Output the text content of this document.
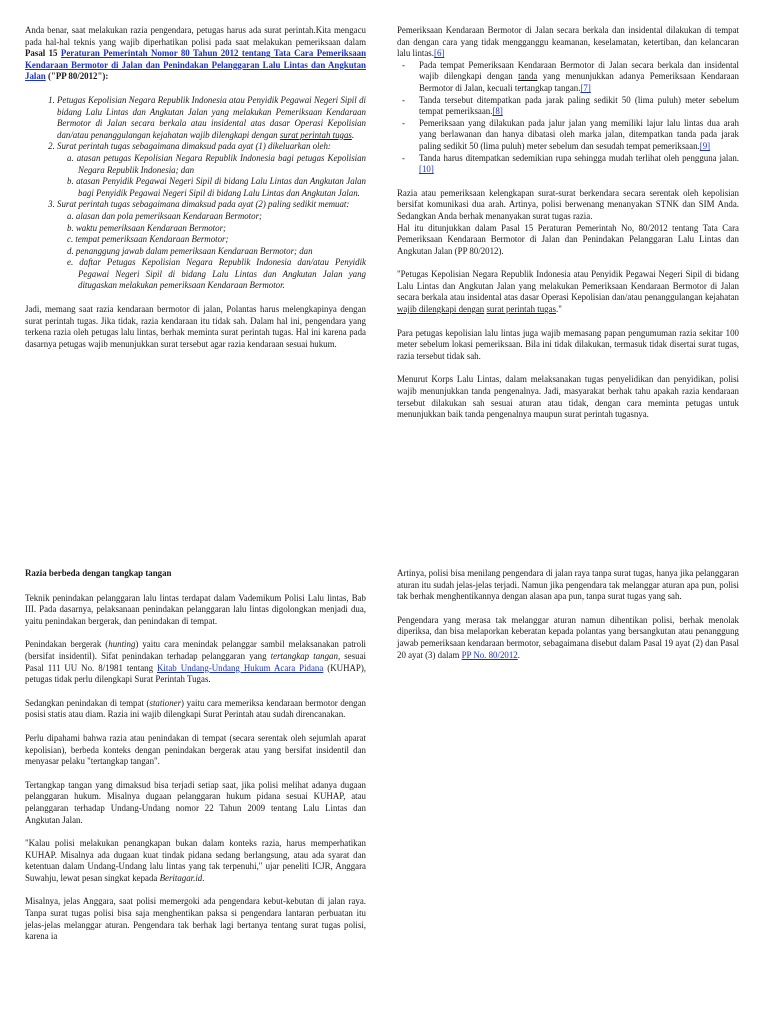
Anda benar, saat melakukan razia pengendara, petugas harus ada surat perintah.Kita mengacu pada hal-hal teknis yang wajib diperhatikan polisi pada saat melakukan pemeriksaan dalam Pasal 15 Peraturan Pemerintah Nomor 80 Tahun 2012 tentang Tata Cara Pemeriksaan Kendaraan Bermotor di Jalan dan Penindakan Pelanggaran Lalu Lintas dan Angkutan Jalan ("PP 80/2012"):

1. Petugas Kepolisian Negara Republik Indonesia atau Penyidik Pegawai Negeri Sipil di bidang Lalu Lintas dan Angkutan Jalan yang melakukan Pemeriksaan Kendaraan Bermotor di Jalan secara berkala atau insidental atas dasar Operasi Kepolisian dan/atau penanggulangan kejahatan wajib dilengkapi dengan surat perintah tugas.
2. Surat perintah tugas sebagaimana dimaksud pada ayat (1) dikeluarkan oleh:
a. atasan petugas Kepolisian Negara Republik Indonesia bagi petugas Kepolisian Negara Republik Indonesia; dan
b. atasan Penyidik Pegawai Negeri Sipil di bidang Lalu Lintas dan Angkutan Jalan bagi Penyidik Pegawai Negeri Sipil di bidang Lalu Lintas dan Angkutan Jalan.
3. Surat perintah tugas sebagaimana dimaksud pada ayat (2) paling sedikit memuat:
a. alasan dan pola pemeriksaan Kendaraan Bermotor;
b. waktu pemeriksaan Kendaraan Bermotor;
c. tempat pemeriksaan Kendaraan Bermotor;
d. penanggung jawab dalam pemeriksaan Kendaraan Bermotor; dan
e. daftar Petugas Kepolisian Negara Republik Indonesia dan/atau Penyidik Pegawai Negeri Sipil di bidang Lalu Lintas dan Angkutan Jalan yang ditugaskan melakukan pemeriksaan Kendaraan Bermotor.

Jadi, memang saat razia kendaraan bermotor di jalan, Polantas harus melengkapinya dengan surat perintah tugas. Jika tidak, razia kendaraan itu tidak sah. Dalam hal ini, pengendara yang terkena razia oleh petugas lalu lintas, berhak meminta surat perintah tugas. Hal ini karena pada dasarnya petugas wajib menunjukkan surat tersebut agar razia kendaraan sesuai hukum.

Pemeriksaan Kendaraan Bermotor di Jalan secara berkala dan insidental dilakukan di tempat dan dengan cara yang tidak mengganggu keamanan, keselamatan, ketertiban, dan kelancaran lalu lintas.[6]

- Pada tempat Pemeriksaan Kendaraan Bermotor di Jalan secara berkala dan insidental wajib dilengkapi dengan tanda yang menunjukkan adanya Pemeriksaan Kendaraan Bermotor di Jalan, kecuali tertangkap tangan.[7]
- Tanda tersebut ditempatkan pada jarak paling sedikit 50 (lima puluh) meter sebelum tempat pemeriksaan.[8]
- Pemeriksaan yang dilakukan pada jalur jalan yang memiliki lajur lalu lintas dua arah yang berlawanan dan hanya dibatasi oleh marka jalan, ditempatkan tanda pada jarak paling sedikit 50 (lima puluh) meter sebelum dan sesudah tempat pemeriksaan.[9]
- Tanda harus ditempatkan sedemikian rupa sehingga mudah terlihat oleh pengguna jalan.[10]

Razia atau pemeriksaan kelengkapan surat-surat berkendara secara serentak oleh kepolisian bersifat komunikasi dua arah. Artinya, polisi berwenang menanyakan STNK dan SIM Anda. Sedangkan Anda berhak menanyakan surat tugas razia.

Hal itu ditunjukkan dalam Pasal 15 Peraturan Pemerintah No, 80/2012 tentang Tata Cara Pemeriksaan Kendaraan Bermotor di Jalan dan Penindakan Pelanggaran Lalu Lintas dan Angkutan Jalan (PP 80/2012).

"Petugas Kepolisian Negara Republik Indonesia atau Penyidik Pegawai Negeri Sipil di bidang Lalu Lintas dan Angkutan Jalan yang melakukan Pemeriksaan Kendaraan Bermotor di Jalan secara berkala atau insidental atas dasar Operasi Kepolisian dan/atau penanggulangan kejahatan wajib dilengkapi dengan surat perintah tugas."

Para petugas kepolisian lalu lintas juga wajib memasang papan pengumuman razia sekitar 100 meter sebelum lokasi pemeriksaan. Bila ini tidak dilakukan, termasuk tidak disertai surat tugas, razia tersebut tidak sah.

Menurut Korps Lalu Lintas, dalam melaksanakan tugas penyelidikan dan penyidikan, polisi wajib menunjukkan tanda pengenalnya. Jadi, masyarakat berhak tahu apakah razia kendaraan tersebut dilakukan sah sesuai aturan atau tidak, dengan cara meminta petugas untuk menunjukkan baik tanda pengenalnya maupun surat perintah tugasnya.

Razia berbeda dengan tangkap tangan

Teknik penindakan pelanggaran lalu lintas terdapat dalam Vademikum Polisi Lalu lintas, Bab III. Pada dasarnya, pelaksanaan penindakan pelanggaran lalu lintas digolongkan menjadi dua, yaitu penindakan bergerak, dan penindakan di tempat.

Penindakan bergerak (hunting) yaitu cara menindak pelanggar sambil melaksanakan patroli (bersifat insidentil). Sifat penindakan terhadap pelanggaran yang tertangkap tangan, sesuai Pasal 111 UU No. 8/1981 tentang Kitab Undang-Undang Hukum Acara Pidana (KUHAP), petugas tidak perlu dilengkapi Surat Perintah Tugas.

Sedangkan penindakan di tempat (stationer) yaitu cara memeriksa kendaraan bermotor dengan posisi statis atau diam. Razia ini wajib dilengkapi Surat Perintah atau sudah direncanakan.

Perlu dipahami bahwa razia atau penindakan di tempat (secara serentak oleh sejumlah aparat kepolisian), berbeda konteks dengan penindakan bergerak atau yang bersifat insidentil dan menyasar pelaku "tertangkap tangan".

Tertangkap tangan yang dimaksud bisa terjadi setiap saat, jika polisi melihat adanya dugaan pelanggaran hukum. Misalnya dugaan pelanggaran hukum pidana sesuai KUHAP, atau pelanggaran terhadap Undang-Undang nomor 22 Tahun 2009 tentang Lalu Lintas dan Angkutan Jalan.

"Kalau polisi melakukan penangkapan bukan dalam konteks razia, harus memperhatikan KUHAP. Misalnya ada dugaan kuat tindak pidana sedang berlangsung, atau ada syarat dan ketentuan dalam Undang-Undang lalu lintas yang tak terpenuhi," ujar peneliti ICJR, Anggara Suwahju, lewat pesan singkat kepada Beritagar.id.

Misalnya, jelas Anggara, saat polisi memergoki ada pengendara kebut-kebutan di jalan raya. Tanpa surat tugas polisi bisa saja menghentikan paksa si pengendara lantaran perbuatan itu jelas-jelas melanggar aturan. Pengendara tak berhak lagi bertanya tentang surat tugas polisi, karena ia

Artinya, polisi bisa menilang pengendara di jalan raya tanpa surat tugas, hanya jika pelanggaran aturan itu sudah jelas-jelas terjadi. Namun jika pengendara tak melanggar aturan apa pun, polisi tak berhak menghentikannya dengan alasan apa pun, tanpa surat tugas yang sah.

Pengendara yang merasa tak melanggar aturan namun dihentikan polisi, berhak menolak diperiksa, dan bisa melaporkan keberatan kepada polantas yang bersangkutan atau penanggung jawab pemeriksaan kendaraan bermotor, sebagaimana disebut dalam Pasal 19 ayat (2) dan Pasal 20 ayat (3) dalam PP No. 80/2012.
